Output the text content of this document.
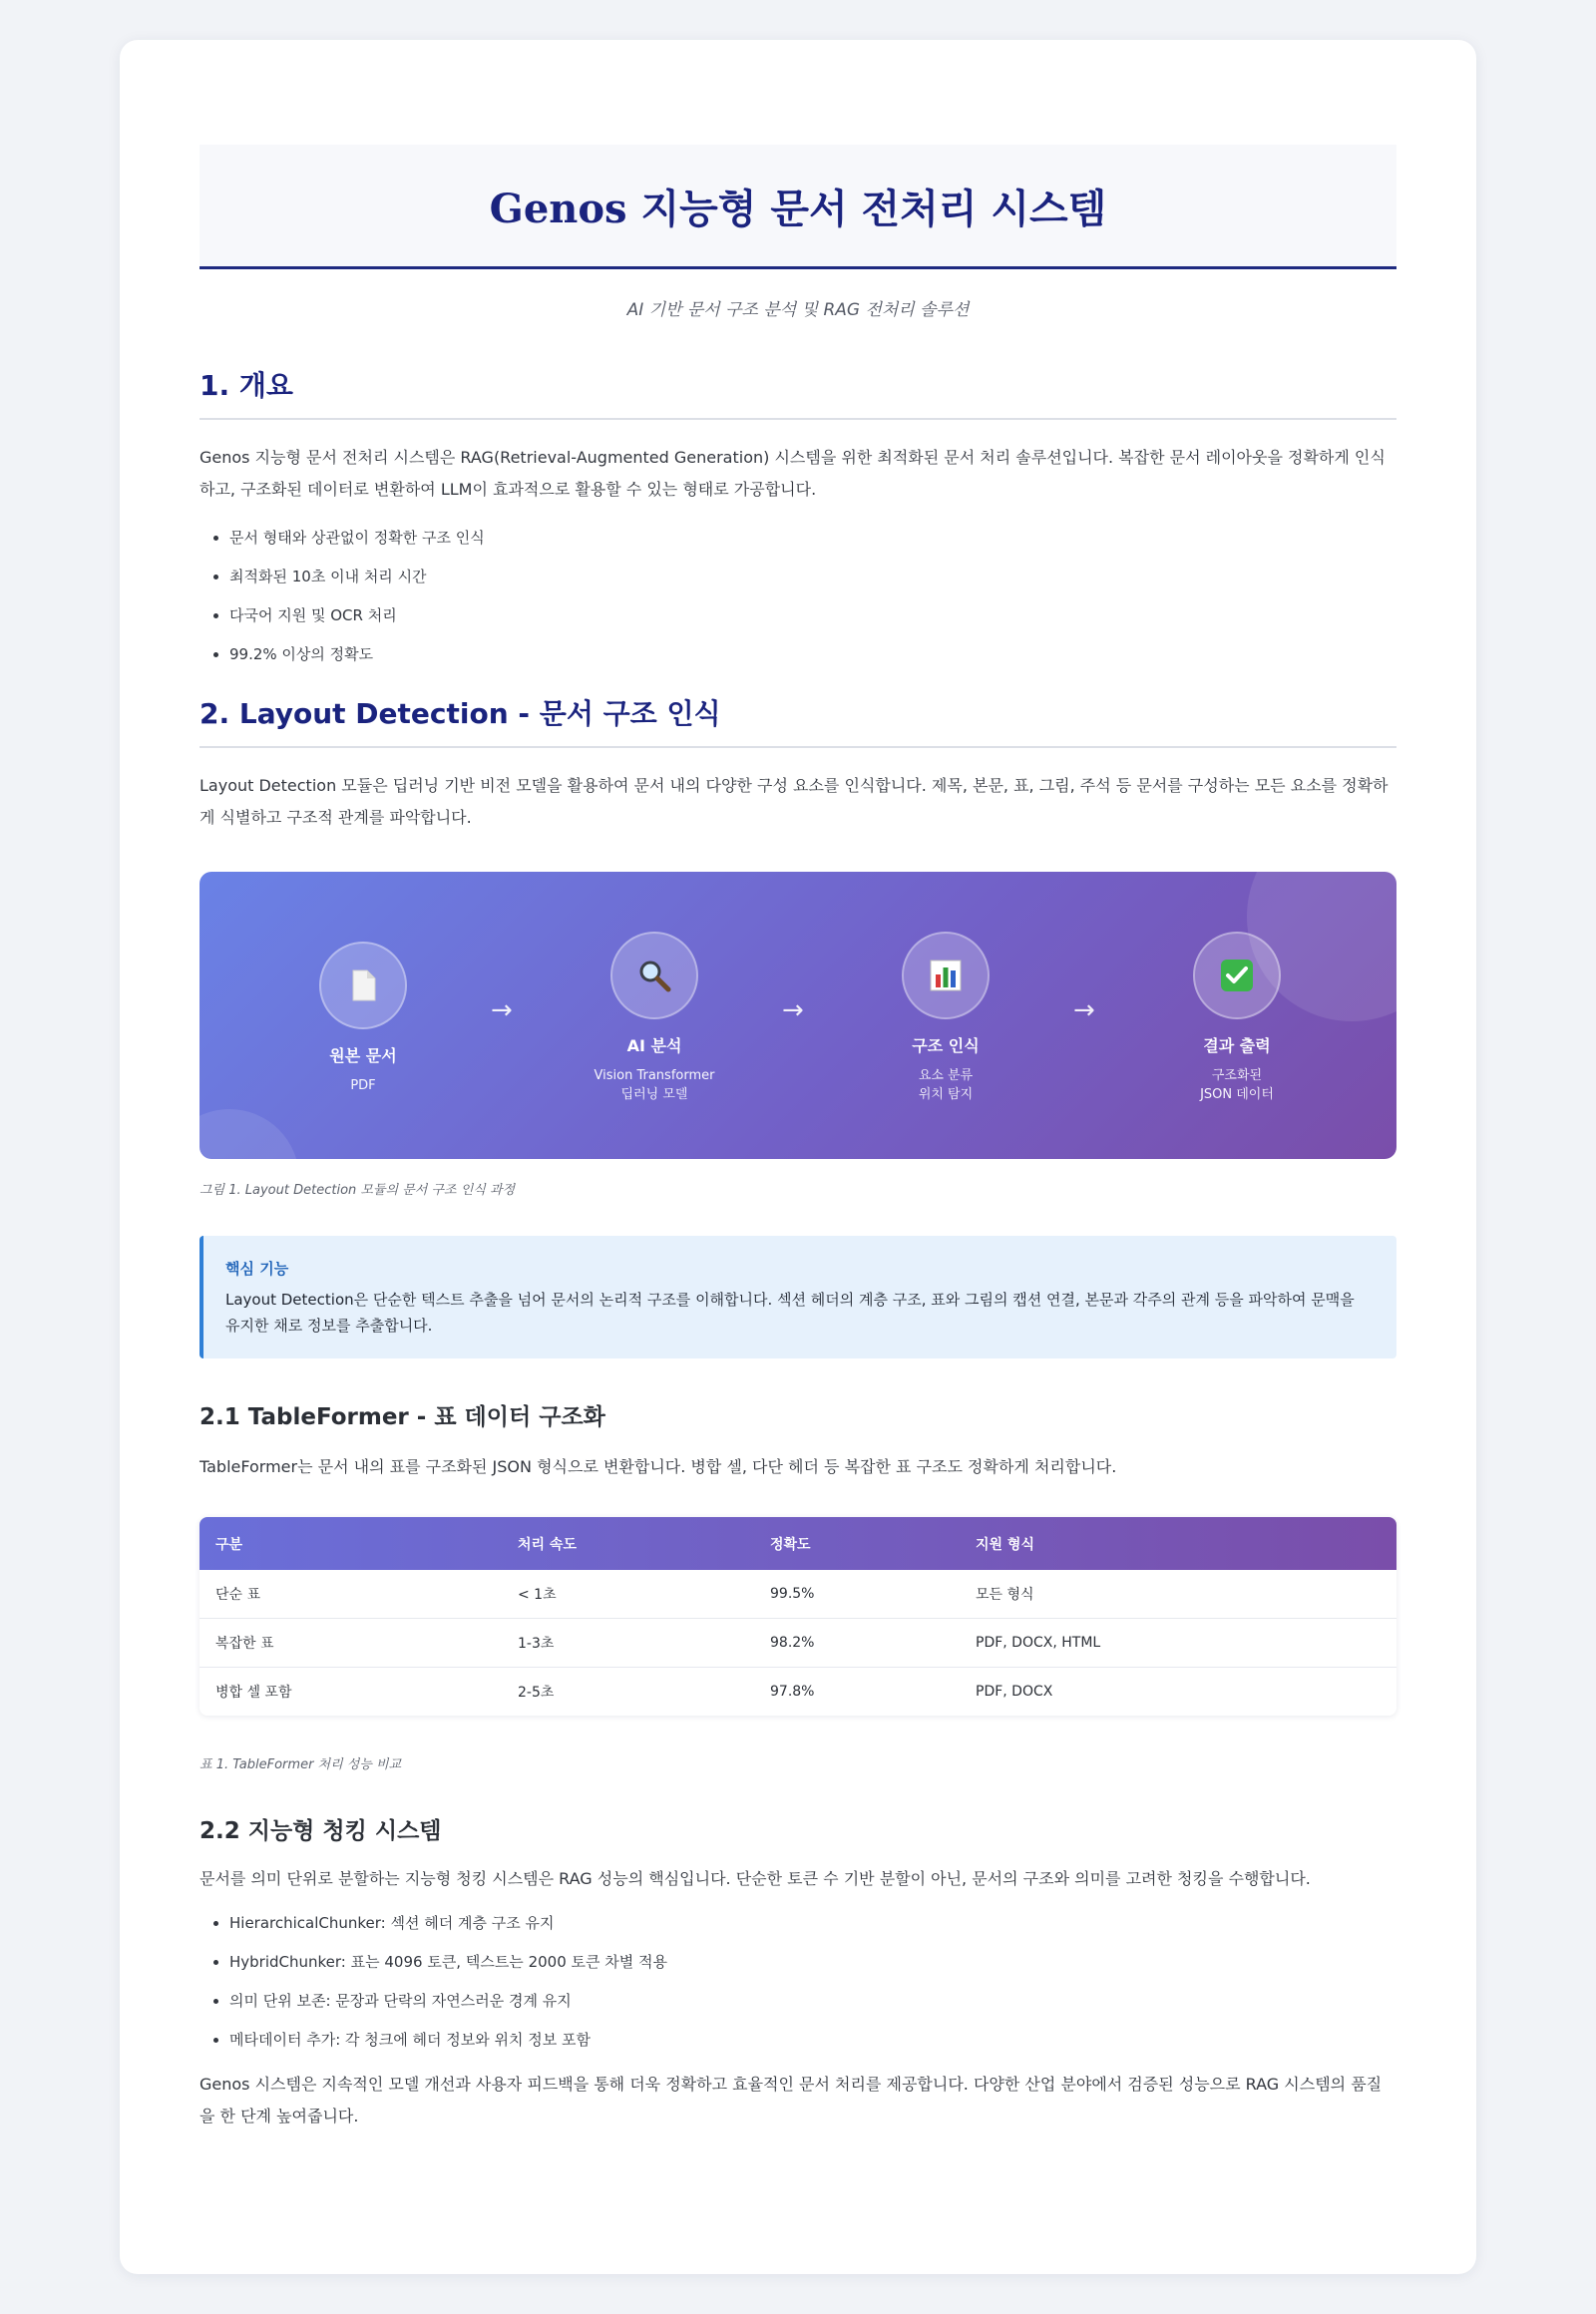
Genos 지능형 문서 전처리 시스템
AI 기반 문서 구조 분석 및 RAG 전처리 솔루션
1. 개요

Genos 지능형 문서 전처리 시스템은 RAG(Retrieval-Augmented Generation) 시스템을 위한 최적화된 문서 처리 솔루션입니다. 복잡한 문서 레이아웃을 정확하게 인식하고, 구조화된 데이터로 변환하여 LLM이 효과적으로 활용할 수 있는 형태로 가공합니다.

• 문서 형태와 상관없이 정확한 구조 인식
• 최적화된 10초 이내 처리 시간
• 다국어 지원 및 OCR 처리
• 99.2% 이상의 정확도
2. Layout Detection - 문서 구조 인식

Layout Detection 모듈은 딥러닝 기반 비전 모델을 활용하여 문서 내의 다양한 구성 요소를 인식합니다. 제목, 본문, 표, 그림, 주석 등 문서를 구성하는 모든 요소를 정확하게 식별하고 구조적 관계를 파악합니다.

원본 문서
PDF
→
AI 분석
Vision Transformer
딥러닝 모델
→
구조 인식
요소 분류
위치 탐지
→
결과 출력
구조화된
JSON 데이터
그림 1. Layout Detection 모듈의 문서 구조 인식 과정
핵심 기능
Layout Detection은 단순한 텍스트 추출을 넘어 문서의 논리적 구조를 이해합니다. 섹션 헤더의 계층 구조, 표와 그림의 캡션 연결, 본문과 각주의 관계 등을 파악하여 문맥을 유지한 채로 정보를 추출합니다.
2.1 TableFormer - 표 데이터 구조화

TableFormer는 문서 내의 표를 구조화된 JSON 형식으로 변환합니다. 병합 셀, 다단 헤더 등 복잡한 표 구조도 정확하게 처리합니다.

구분	처리 속도	정확도	지원 형식
단순 표	< 1초	99.5%	모든 형식
복잡한 표	1-3초	98.2%	PDF, DOCX, HTML
병합 셀 포함	2-5초	97.8%	PDF, DOCX
표 1. TableFormer 처리 성능 비교
2.2 지능형 청킹 시스템

문서를 의미 단위로 분할하는 지능형 청킹 시스템은 RAG 성능의 핵심입니다. 단순한 토큰 수 기반 분할이 아닌, 문서의 구조와 의미를 고려한 청킹을 수행합니다.

• HierarchicalChunker: 섹션 헤더 계층 구조 유지
• HybridChunker: 표는 4096 토큰, 텍스트는 2000 토큰 차별 적용
• 의미 단위 보존: 문장과 단락의 자연스러운 경계 유지
• 메타데이터 추가: 각 청크에 헤더 정보와 위치 정보 포함

Genos 시스템은 지속적인 모델 개선과 사용자 피드백을 통해 더욱 정확하고 효율적인 문서 처리를 제공합니다. 다양한 산업 분야에서 검증된 성능으로 RAG 시스템의 품질을 한 단계 높여줍니다.
